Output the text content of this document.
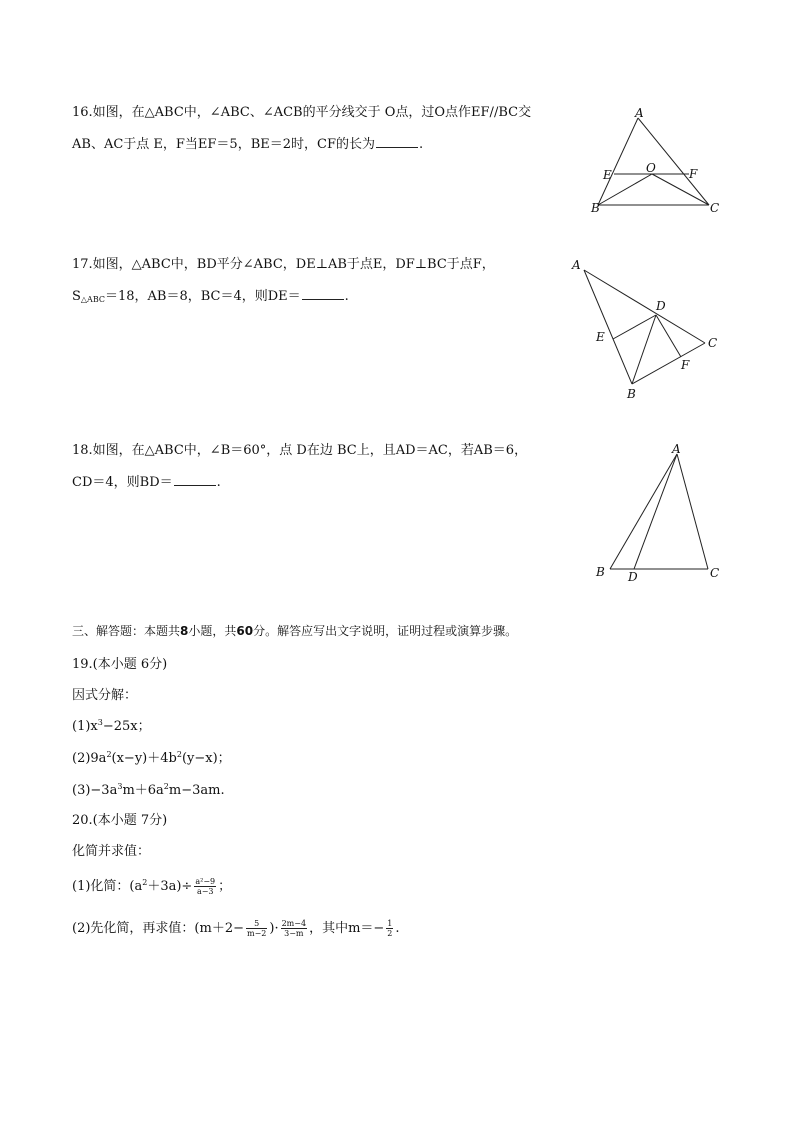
16.如图，在△ABC中，∠ABC、∠ACB的平分线交于 O点，过O点作EF//BC交
AB、AC于点 E，F当EF＝5，BE＝2时，CF的长为	.
A
E	O	F
B	C
17.如图，△ABC中，BD平分∠ABC，DE⊥AB于点E，DF⊥BC于点F，
$S_{\triangle ABC}=18$，AB＝8，BC＝4，则DE＝	.
A
D
E	C
F
B
18.如图，在△ABC中，∠B＝60°，点 D在边 BC上，且AD＝AC，若AB＝6，
CD＝4，则BD＝	.
A
B D	C
三、解答题：本题共8小题，共60分。解答应写出文字说明，证明过程或演算步骤。
19.(本小题 6分)
因式分解：
$(1)x^3-25x$；
$(2)9a^2(x-y)+4b^2(y-x)$；
$(3)-3a^3m+6a^2m-3am$.
20.(本小题 7分)
化简并求值：
(1)化简：$(a^2+3a)\div \frac{\text{a²−9}}{a-3}$ ；
(2)先化简，再求值：($m+2- \frac{5}{m-2}$ )· $\frac{2m-4}{3-m}$ ，其中$m=- \frac{1}{2}$ .
